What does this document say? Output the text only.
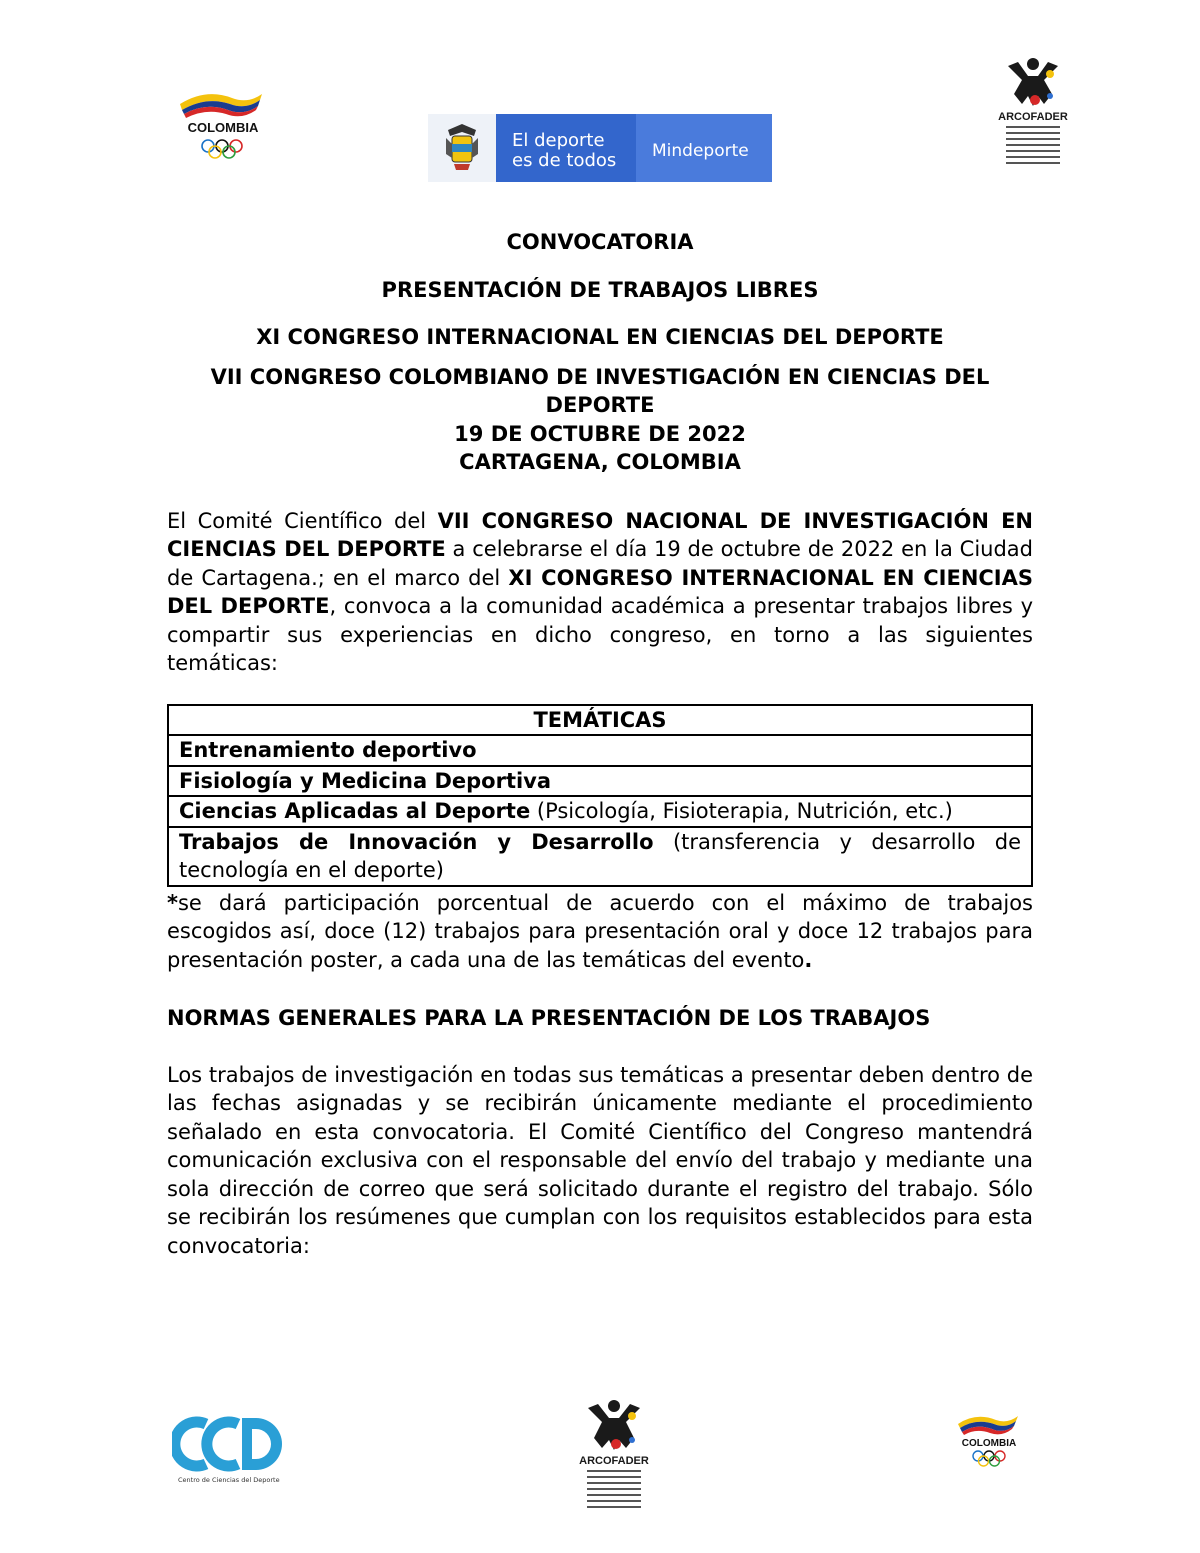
COLOMBIA
El deporte
es de todos Mindeporte
ARCOFADER

CONVOCATORIA

PRESENTACIÓN DE TRABAJOS LIBRES

XI CONGRESO INTERNACIONAL EN CIENCIAS DEL DEPORTE

VII CONGRESO COLOMBIANO DE INVESTIGACIÓN EN CIENCIAS DEL DEPORTE

19 DE OCTUBRE DE 2022

CARTAGENA, COLOMBIA

El Comité Científico del VII CONGRESO NACIONAL DE INVESTIGACIÓN EN CIENCIAS DEL DEPORTE a celebrarse el día 19 de octubre de 2022 en la Ciudad de Cartagena.; en el marco del XI CONGRESO INTERNACIONAL EN CIENCIAS DEL DEPORTE, convoca a la comunidad académica a presentar trabajos libres y compartir sus experiencias en dicho congreso, en torno a las siguientes temáticas:

TEMÁTICAS
Entrenamiento deportivo
Fisiología y Medicina Deportiva
Ciencias Aplicadas al Deporte (Psicología, Fisioterapia, Nutrición, etc.)
Trabajos de Innovación y Desarrollo (transferencia y desarrollo de tecnología en el deporte)

*se dará participación porcentual de acuerdo con el máximo de trabajos escogidos así, doce (12) trabajos para presentación oral y doce 12 trabajos para presentación poster, a cada una de las temáticas del evento.

NORMAS GENERALES PARA LA PRESENTACIÓN DE LOS TRABAJOS

Los trabajos de investigación en todas sus temáticas a presentar deben dentro de las fechas asignadas y se recibirán únicamente mediante el procedimiento señalado en esta convocatoria. El Comité Científico del Congreso mantendrá comunicación exclusiva con el responsable del envío del trabajo y mediante una sola dirección de correo que será solicitado durante el registro del trabajo. Sólo se recibirán los resúmenes que cumplan con los requisitos establecidos para esta convocatoria:

Centro de Ciencias del Deporte
ARCOFADER
COLOMBIA
